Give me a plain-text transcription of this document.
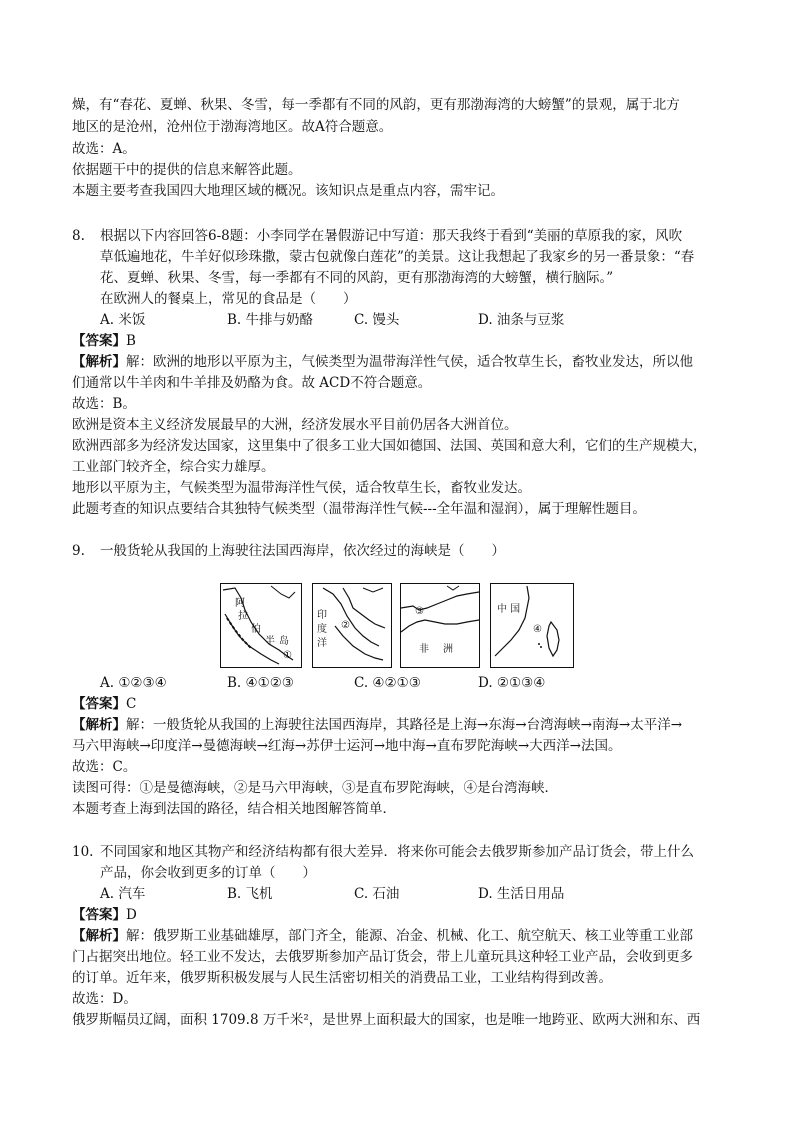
燥，有“春花、夏蝉、秋果、冬雪，每一季都有不同的风韵，更有那渤海湾的大螃蟹”的景观，属于北方
地区的是沧州，沧州位于渤海湾地区。故A符合题意。
故选：A。
依据题干中的提供的信息来解答此题。
本题主要考查我国四大地理区域的概况。该知识点是重点内容，需牢记。
8. 根据以下内容回答6-8题：小李同学在暑假游记中写道：那天我终于看到“美丽的草原我的家，风吹
草低遍地花，牛羊好似珍珠撒，蒙古包就像白莲花”的美景。这让我想起了我家乡的另一番景象：“春
花、夏蝉、秋果、冬雪，每一季都有不同的风韵，更有那渤海湾的大螃蟹，横行脑际。”
在欧洲人的餐桌上，常见的食品是（　　）
A. 米饭	B. 牛排与奶酪	C. 馒头	D. 油条与豆浆
【答案】B
【解析】解：欧洲的地形以平原为主，气候类型为温带海洋性气侯，适合牧草生长，畜牧业发达，所以他
们通常以牛羊肉和牛羊排及奶酪为食。故 ACD不符合题意。
故选：B。
欧洲是资本主义经济发展最早的大洲，经济发展水平目前仍居各大洲首位。
欧洲西部多为经济发达国家，这里集中了很多工业大国如德国、法国、英国和意大利，它们的生产规模大，
工业部门较齐全，综合实力雄厚。
地形以平原为主，气候类型为温带海洋性气侯，适合牧草生长，畜牧业发达。
此题考查的知识点要结合其独特气候类型（温带海洋性气候---全年温和湿润），属于理解性题目。
9. 一般货轮从我国的上海驶往法国西海岸，依次经过的海峡是（　　）
阿
拉
伯
半 岛
①
印
度
洋
②
③
非 洲
中 国
④
A. ①②③④	B. ④①②③	C. ④②①③	D. ②①③④
【答案】C
【解析】解：一般货轮从我国的上海驶往法国西海岸，其路径是上海→东海→台湾海峡→南海→太平洋→
马六甲海峡→印度洋→曼德海峡→红海→苏伊士运河→地中海→直布罗陀海峡→大西洋→法国。
故选：C。
读图可得：①是曼德海峡，②是马六甲海峡，③是直布罗陀海峡，④是台湾海峡．
本题考查上海到法国的路径，结合相关地图解答简单．
10. 不同国家和地区其物产和经济结构都有很大差异．将来你可能会去俄罗斯参加产品订货会，带上什么
产品，你会收到更多的订单（　　）
A. 汽车	B. 飞机	C. 石油	D. 生活日用品
【答案】D
【解析】解：俄罗斯工业基础雄厚，部门齐全，能源、冶金、机械、化工、航空航天、核工业等重工业部
门占据突出地位。轻工业不发达，去俄罗斯参加产品订货会，带上儿童玩具这种轻工业产品，会收到更多
的订单。近年来，俄罗斯积极发展与人民生活密切相关的消费品工业，工业结构得到改善。
故选：D。
俄罗斯幅员辽阔，面积 1709.8 万千米²，是世界上面积最大的国家，也是唯一地跨亚、欧两大洲和东、西
